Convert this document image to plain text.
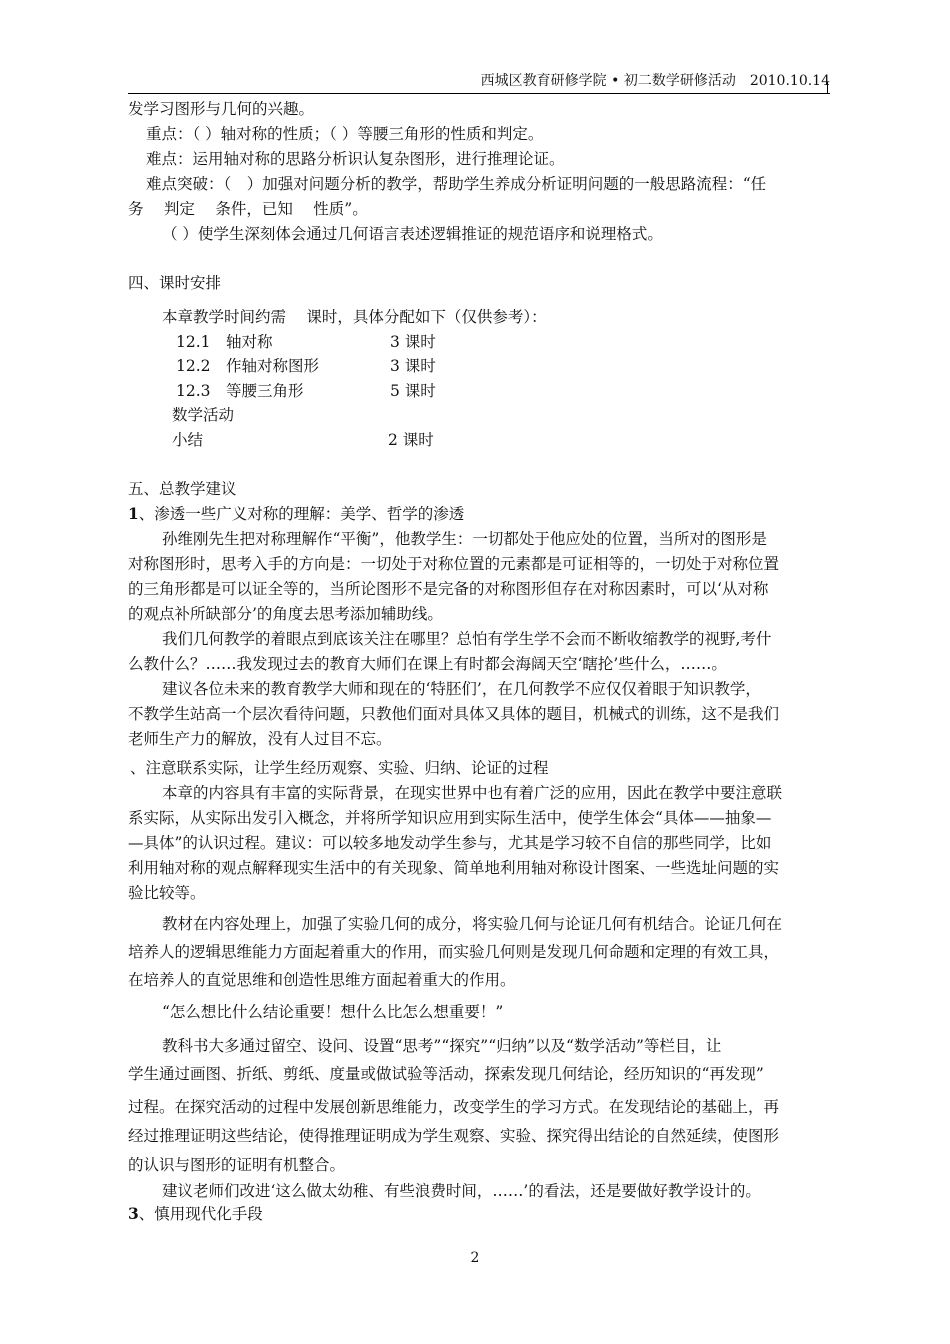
西城区教育研修学院 • 初二数学研修活动　2010.10.14
发学习图形与几何的兴趣。
重点：（ ）轴对称的性质；（ ）等腰三角形的性质和判定。
难点：运用轴对称的思路分析识认复杂图形，进行推理论证。
难点突破：（　）加强对问题分析的教学，帮助学生养成分析证明问题的一般思路流程：“任
务　 判定　 条件，已知　 性质”。
（ ）使学生深刻体会通过几何语言表述逻辑推证的规范语序和说理格式。
四、课时安排
本章教学时间约需　 课时，具体分配如下（仅供参考）：
12.1　轴对称	3 课时
12.2　作轴对称图形	3 课时
12.3　等腰三角形	5 课时
数学活动
小结	2 课时
五、总教学建议
1、渗透一些广义对称的理解：美学、哲学的渗透
孙维刚先生把对称理解作“平衡”，他教学生：一切都处于他应处的位置，当所对的图形是
对称图形时，思考入手的方向是：一切处于对称位置的元素都是可证相等的，一切处于对称位置
的三角形都是可以证全等的，当所论图形不是完备的对称图形但存在对称因素时，可以‘从对称
的观点补所缺部分’的角度去思考添加辅助线。
我们几何教学的着眼点到底该关注在哪里？总怕有学生学不会而不断收缩教学的视野,考什
么教什么？……我发现过去的教育大师们在课上有时都会海阔天空‘瞎抡’些什么，……。
建议各位未来的教育教学大师和现在的‘特胚们’，在几何教学不应仅仅着眼于知识教学，
不教学生站高一个层次看待问题，只教他们面对具体又具体的题目，机械式的训练，这不是我们
老师生产力的解放，没有人过目不忘。
、注意联系实际，让学生经历观察、实验、归纳、论证的过程
本章的内容具有丰富的实际背景，在现实世界中也有着广泛的应用，因此在教学中要注意联
系实际，从实际出发引入概念，并将所学知识应用到实际生活中，使学生体会“具体——抽象—
—具体”的认识过程。建议：可以较多地发动学生参与，尤其是学习较不自信的那些同学，比如
利用轴对称的观点解释现实生活中的有关现象、简单地利用轴对称设计图案、一些选址问题的实
验比较等。
教材在内容处理上，加强了实验几何的成分，将实验几何与论证几何有机结合。论证几何在
培养人的逻辑思维能力方面起着重大的作用，而实验几何则是发现几何命题和定理的有效工具，
在培养人的直觉思维和创造性思维方面起着重大的作用。
“怎么想比什么结论重要！想什么比怎么想重要！”
教科书大多通过留空、设问、设置“思考”“探究”“归纳”以及“数学活动”等栏目，让
学生通过画图、折纸、剪纸、度量或做试验等活动，探索发现几何结论，经历知识的“再发现”
过程。在探究活动的过程中发展创新思维能力，改变学生的学习方式。在发现结论的基础上，再
经过推理证明这些结论，使得推理证明成为学生观察、实验、探究得出结论的自然延续，使图形
的认识与图形的证明有机整合。
建议老师们改进‘这么做太幼稚、有些浪费时间，……’的看法，还是要做好教学设计的。
3、慎用现代化手段
2
